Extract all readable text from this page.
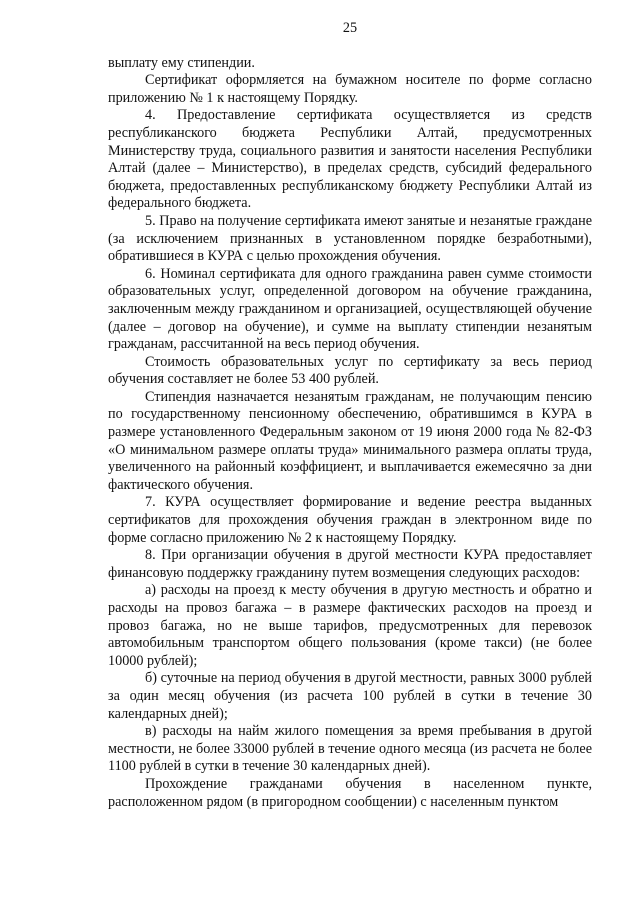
25

выплату ему стипендии.

Сертификат оформляется на бумажном носителе по форме согласно приложению № 1 к настоящему Порядку.

4. Предоставление сертификата осуществляется из средств республиканского бюджета Республики Алтай, предусмотренных Министерству труда, социального развития и занятости населения Республики Алтай (далее – Министерство), в пределах средств, субсидий федерального бюджета, предоставленных республиканскому бюджету Республики Алтай из федерального бюджета.

5. Право на получение сертификата имеют занятые и незанятые граждане (за исключением признанных в установленном порядке безработными), обратившиеся в КУРА с целью прохождения обучения.

6. Номинал сертификата для одного гражданина равен сумме стоимости образовательных услуг, определенной договором на обучение гражданина, заключенным между гражданином и организацией, осуществляющей обучение (далее – договор на обучение), и сумме на выплату стипендии незанятым гражданам, рассчитанной на весь период обучения.

Стоимость образовательных услуг по сертификату за весь период обучения составляет не более 53 400 рублей.

Стипендия назначается незанятым гражданам, не получающим пенсию по государственному пенсионному обеспечению, обратившимся в КУРА в размере установленного Федеральным законом от 19 июня 2000 года № 82-ФЗ «О минимальном размере оплаты труда» минимального размера оплаты труда, увеличенного на районный коэффициент, и выплачивается ежемесячно за дни фактического обучения.

7. КУРА осуществляет формирование и ведение реестра выданных сертификатов для прохождения обучения граждан в электронном виде по форме согласно приложению № 2 к настоящему Порядку.

8. При организации обучения в другой местности КУРА предоставляет финансовую поддержку гражданину путем возмещения следующих расходов:

а) расходы на проезд к месту обучения в другую местность и обратно и расходы на провоз багажа – в размере фактических расходов на проезд и провоз багажа, но не выше тарифов, предусмотренных для перевозок автомобильным транспортом общего пользования (кроме такси) (не более 10000 рублей);

б) суточные на период обучения в другой местности, равных 3000 рублей за один месяц обучения (из расчета 100 рублей в сутки в течение 30 календарных дней);

в) расходы на найм жилого помещения за время пребывания в другой местности, не более 33000 рублей в течение одного месяца (из расчета не более 1100 рублей в сутки в течение 30 календарных дней).

Прохождение гражданами обучения в населенном пункте, расположенном рядом (в пригородном сообщении) с населенным пунктом
